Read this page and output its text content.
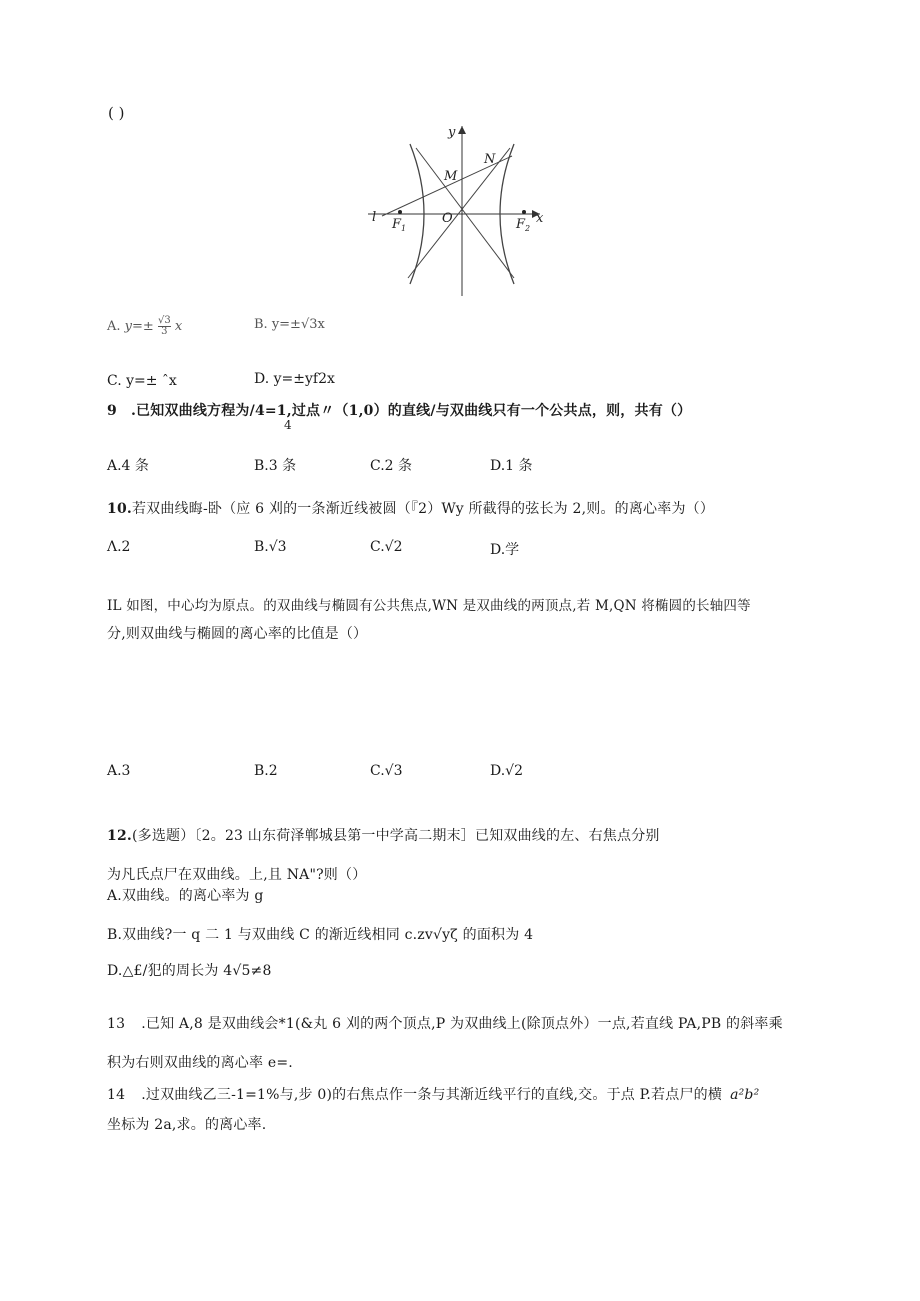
( )
y
x
l
M
N
O
$F_1$	$F_2$
A. $y=\pm \frac{√3}{3}$ x	B. y=±√3x
C. y=± ˆx	D. y=±yf2x
9 .已知双曲线方程为/4=1,过点〃（1,0）的直线/与双曲线只有一个公共点，则，共有（）
4
A.4 条	B.3 条	C.2 条	D.1 条
10.若双曲线晦-卧（应 6 刈的一条渐近线被圆（『2）Wy 所截得的弦长为 2,则。的离心率为（）
Λ.2	B.√3	C.√2	D.学
IL 如图，中心均为原点。的双曲线与椭圆有公共焦点,WN 是双曲线的两顶点,若 M,QN 将椭圆的长轴四等
分,则双曲线与椭圆的离心率的比值是（）
A.3	B.2	C.√3	D.√2
12.(多选题）〔2。23 山东荷泽郸城县第一中学高二期末］已知双曲线的左、右焦点分别
为凡氏点尸在双曲线。上,且 NA"?则（）
A.双曲线。的离心率为 g
B.双曲线?一 q 二 1 与双曲线 C 的渐近线相同 c.zv√yζ 的面积为 4
D.△£/犯的周长为 4√5≠8
13 .已知 A,8 是双曲线会*1(&丸 6 刈的两个顶点,P 为双曲线上(除顶点外）一点,若直线 PA,PB 的斜率乘
积为右则双曲线的离心率 e=.
14 .过双曲线乙三-1=1%与,步 0)的右焦点作一条与其渐近线平行的直线,交。于点 P.若点尸的横 a²b²
坐标为 2a,求。的离心率.
